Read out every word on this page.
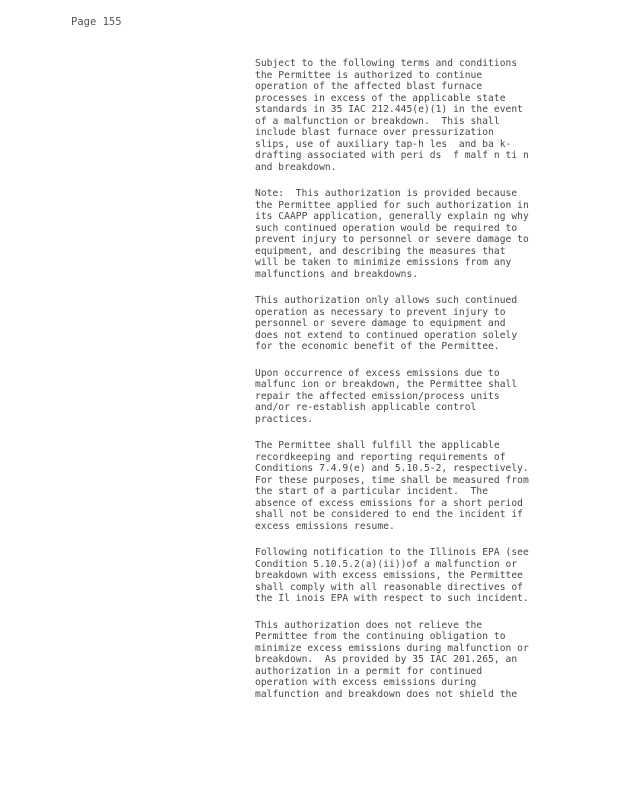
Page 155
Subject to the following terms and conditions
the Permittee is authorized to continue
operation of the affected blast furnace
processes in excess of the applicable state
standards in 35 IAC 212.445(e)(1) in the event
of a malfunction or breakdown.  This shall
include blast furnace over pressurization
slips, use of auxiliary tap-h les  and ba k-
drafting associated with peri ds  f malf n ti n
and breakdown.
Note:  This authorization is provided because
the Permittee applied for such authorization in
its CAAPP application, generally explain ng why
such continued operation would be required to
prevent injury to personnel or severe damage to
equipment, and describing the measures that
will be taken to minimize emissions from any
malfunctions and breakdowns.
This authorization only allows such continued
operation as necessary to prevent injury to
personnel or severe damage to equipment and
does not extend to continued operation solely
for the economic benefit of the Permittee.
Upon occurrence of excess emissions due to
malfunc ion or breakdown, the Permittee shall
repair the affected emission/process units
and/or re-establish applicable control
practices.
The Permittee shall fulfill the applicable
recordkeeping and reporting requirements of
Conditions 7.4.9(e) and 5.10.5-2, respectively.
For these purposes, time shall be measured from
the start of a particular incident.  The
absence of excess emissions for a short period
shall not be considered to end the incident if
excess emissions resume.
Following notification to the Illinois EPA (see
Condition 5.10.5.2(a)(ii))of a malfunction or
breakdown with excess emissions, the Permittee
shall comply with all reasonable directives of
the Il inois EPA with respect to such incident.
This authorization does not relieve the
Permittee from the continuing obligation to
minimize excess emissions during malfunction or
breakdown.  As provided by 35 IAC 201.265, an
authorization in a permit for continued
operation with excess emissions during
malfunction and breakdown does not shield the
